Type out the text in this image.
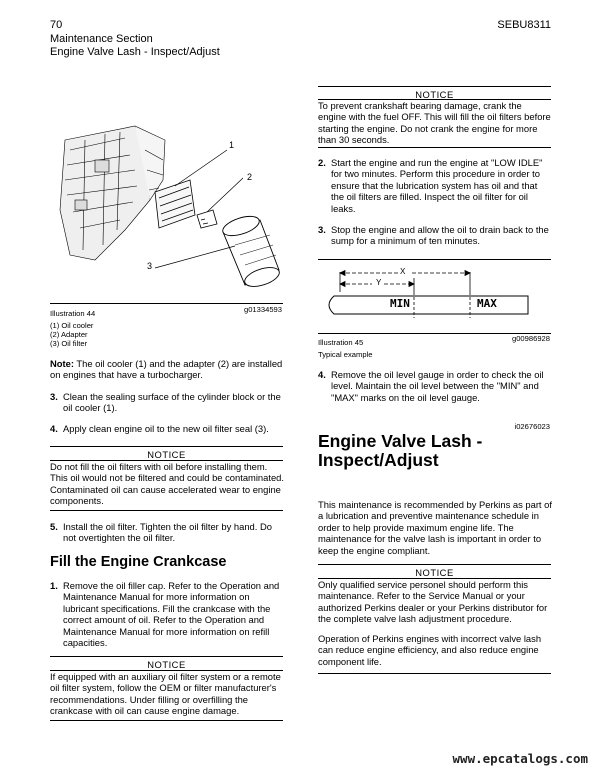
70	SEBU8311
Maintenance Section
Engine Valve Lash - Inspect/Adjust
1
2
3
Illustration 44	g01334593
(1) Oil cooler
(2) Adapter
(3) Oil filter
Note: The oil cooler (1) and the adapter (2) are installed on engines that have a turbocharger.
3. Clean the sealing surface of the cylinder block or the oil cooler (1).
4. Apply clean engine oil to the new oil filter seal (3).
NOTICE
Do not fill the oil filters with oil before installing them. This oil would not be filtered and could be contaminated. Contaminated oil can cause accelerated wear to engine components.
5. Install the oil filter. Tighten the oil filter by hand. Do not overtighten the oil filter.
Fill the Engine Crankcase
1. Remove the oil filler cap. Refer to the Operation and Maintenance Manual for more information on lubricant specifications. Fill the crankcase with the correct amount of oil. Refer to the Operation and Maintenance Manual for more information on refill capacities.
NOTICE
If equipped with an auxiliary oil filter system or a remote oil filter system, follow the OEM or filter manufacturer's recommendations. Under filling or overfilling the crankcase with oil can cause engine damage.
NOTICE
To prevent crankshaft bearing damage, crank the engine with the fuel OFF. This will fill the oil filters before starting the engine. Do not crank the engine for more than 30 seconds.
2. Start the engine and run the engine at "LOW IDLE" for two minutes. Perform this procedure in order to ensure that the lubrication system has oil and that the oil filters are filled. Inspect the oil filter for oil leaks.
3. Stop the engine and allow the oil to drain back to the sump for a minimum of ten minutes.
X
Y
MIN	MAX
Illustration 45	g00986928
Typical example
4. Remove the oil level gauge in order to check the oil level. Maintain the oil level between the "MIN" and "MAX" marks on the oil level gauge.
i02676023
Engine Valve Lash - Inspect/Adjust
This maintenance is recommended by Perkins as part of a lubrication and preventive maintenance schedule in order to help provide maximum engine life. The maintenance for the valve lash is important in order to keep the engine compliant.
NOTICE
Only qualified service personel should perform this maintenance. Refer to the Service Manual or your authorized Perkins dealer or your Perkins distributor for the complete valve lash adjustment procedure.
Operation of Perkins engines with incorrect valve lash can reduce engine efficiency, and also reduce engine component life.
www.epcatalogs.com
